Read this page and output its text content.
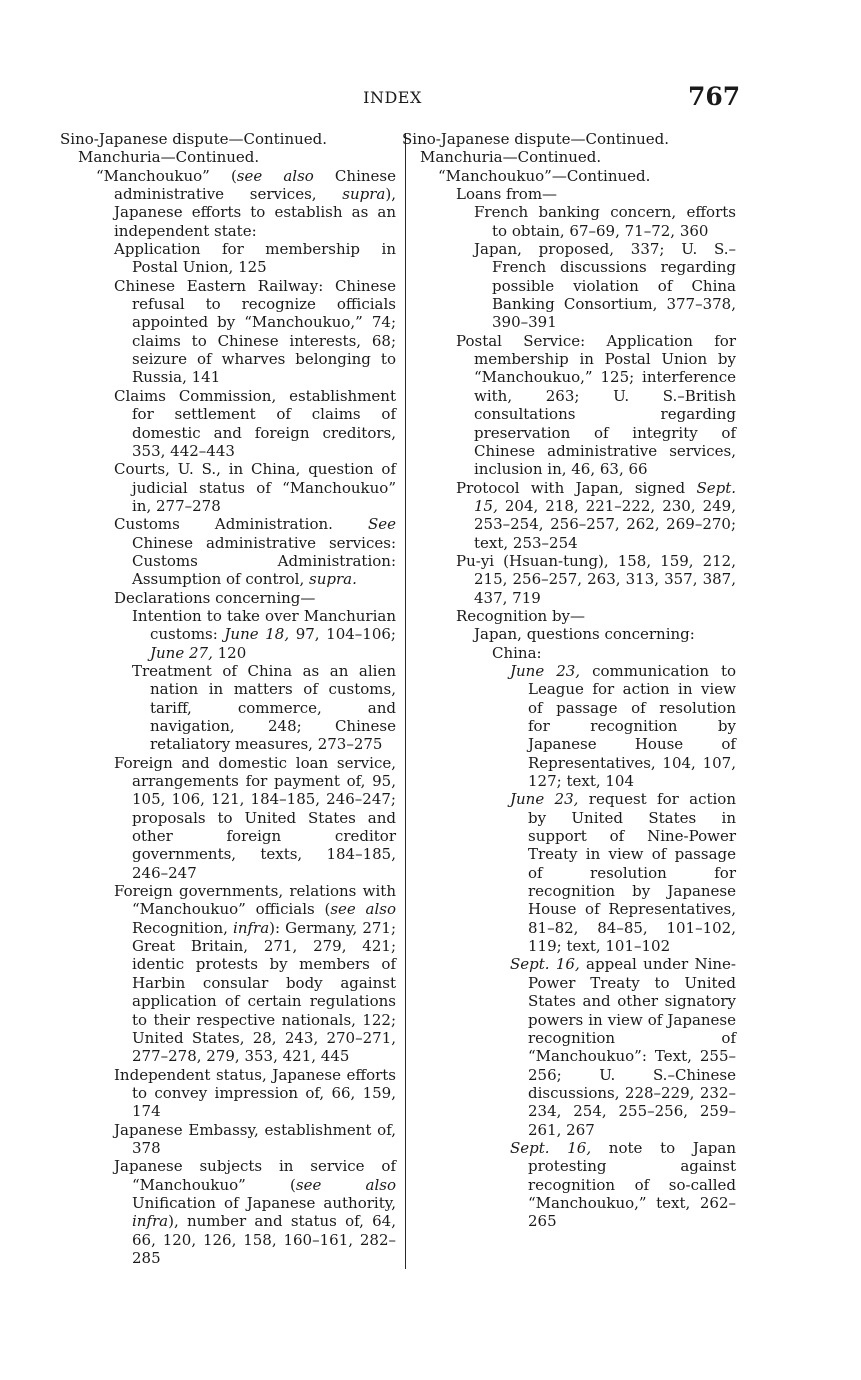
INDEX	767

Sino-Japanese dispute—Continued.

Manchuria—Continued.

“Manchoukuo” (see also Chinese administrative services, supra), Japanese efforts to establish as an independent state:

Application for membership in Postal Union, 125

Chinese Eastern Railway: Chinese refusal to recognize officials appointed by “Manchoukuo,” 74; claims to Chinese interests, 68; seizure of wharves belonging to Russia, 141

Claims Commission, establishment for settlement of claims of domestic and foreign creditors, 353, 442–443

Courts, U. S., in China, question of judicial status of “Manchoukuo” in, 277–278

Customs Administration. See Chinese administrative services: Customs Administration: Assumption of control, supra.

Declarations concerning—

Intention to take over Manchurian customs: June 18, 97, 104–106; June 27, 120

Treatment of China as an alien nation in matters of customs, tariff, commerce, and navigation, 248; Chinese retaliatory measures, 273–275

Foreign and domestic loan service, arrangements for payment of, 95, 105, 106, 121, 184–185, 246–247; proposals to United States and other foreign creditor governments, texts, 184–185, 246–247

Foreign governments, relations with “Manchoukuo” officials (see also Recognition, infra): Germany, 271; Great Britain, 271, 279, 421; identic protests by members of Harbin consular body against application of certain regulations to their respective nationals, 122; United States, 28, 243, 270–271, 277–278, 279, 353, 421, 445

Independent status, Japanese efforts to convey impression of, 66, 159, 174

Japanese Embassy, establishment of, 378

Japanese subjects in service of “Manchoukuo” (see also Unification of Japanese authority, infra), number and status of, 64, 66, 120, 126, 158, 160–161, 282–285

Sino-Japanese dispute—Continued.

Manchuria—Continued.

“Manchoukuo”—Continued.

Loans from—

French banking concern, efforts to obtain, 67–69, 71–72, 360

Japan, proposed, 337; U. S.–French discussions regarding possible violation of China Banking Consortium, 377–378, 390–391

Postal Service: Application for membership in Postal Union by “Manchoukuo,” 125; interference with, 263; U. S.–British consultations regarding preservation of integrity of Chinese administrative services, inclusion in, 46, 63, 66

Protocol with Japan, signed Sept. 15, 204, 218, 221–222, 230, 249, 253–254, 256–257, 262, 269–270; text, 253–254

Pu-yi (Hsuan-tung), 158, 159, 212, 215, 256–257, 263, 313, 357, 387, 437, 719

Recognition by—

Japan, questions concerning:

China:

June 23, communication to League for action in view of passage of resolution for recognition by Japanese House of Representatives, 104, 107, 127; text, 104

June 23, request for action by United States in support of Nine-Power Treaty in view of passage of resolution for recognition by Japanese House of Representatives, 81–82, 84–85, 101–102, 119; text, 101–102

Sept. 16, appeal under Nine-Power Treaty to United States and other signatory powers in view of Japanese recognition of “Manchoukuo”: Text, 255–256; U. S.–Chinese discussions, 228–229, 232–234, 254, 255–256, 259–261, 267

Sept. 16, note to Japan protesting against recognition of so-called “Manchoukuo,” text, 262–265
